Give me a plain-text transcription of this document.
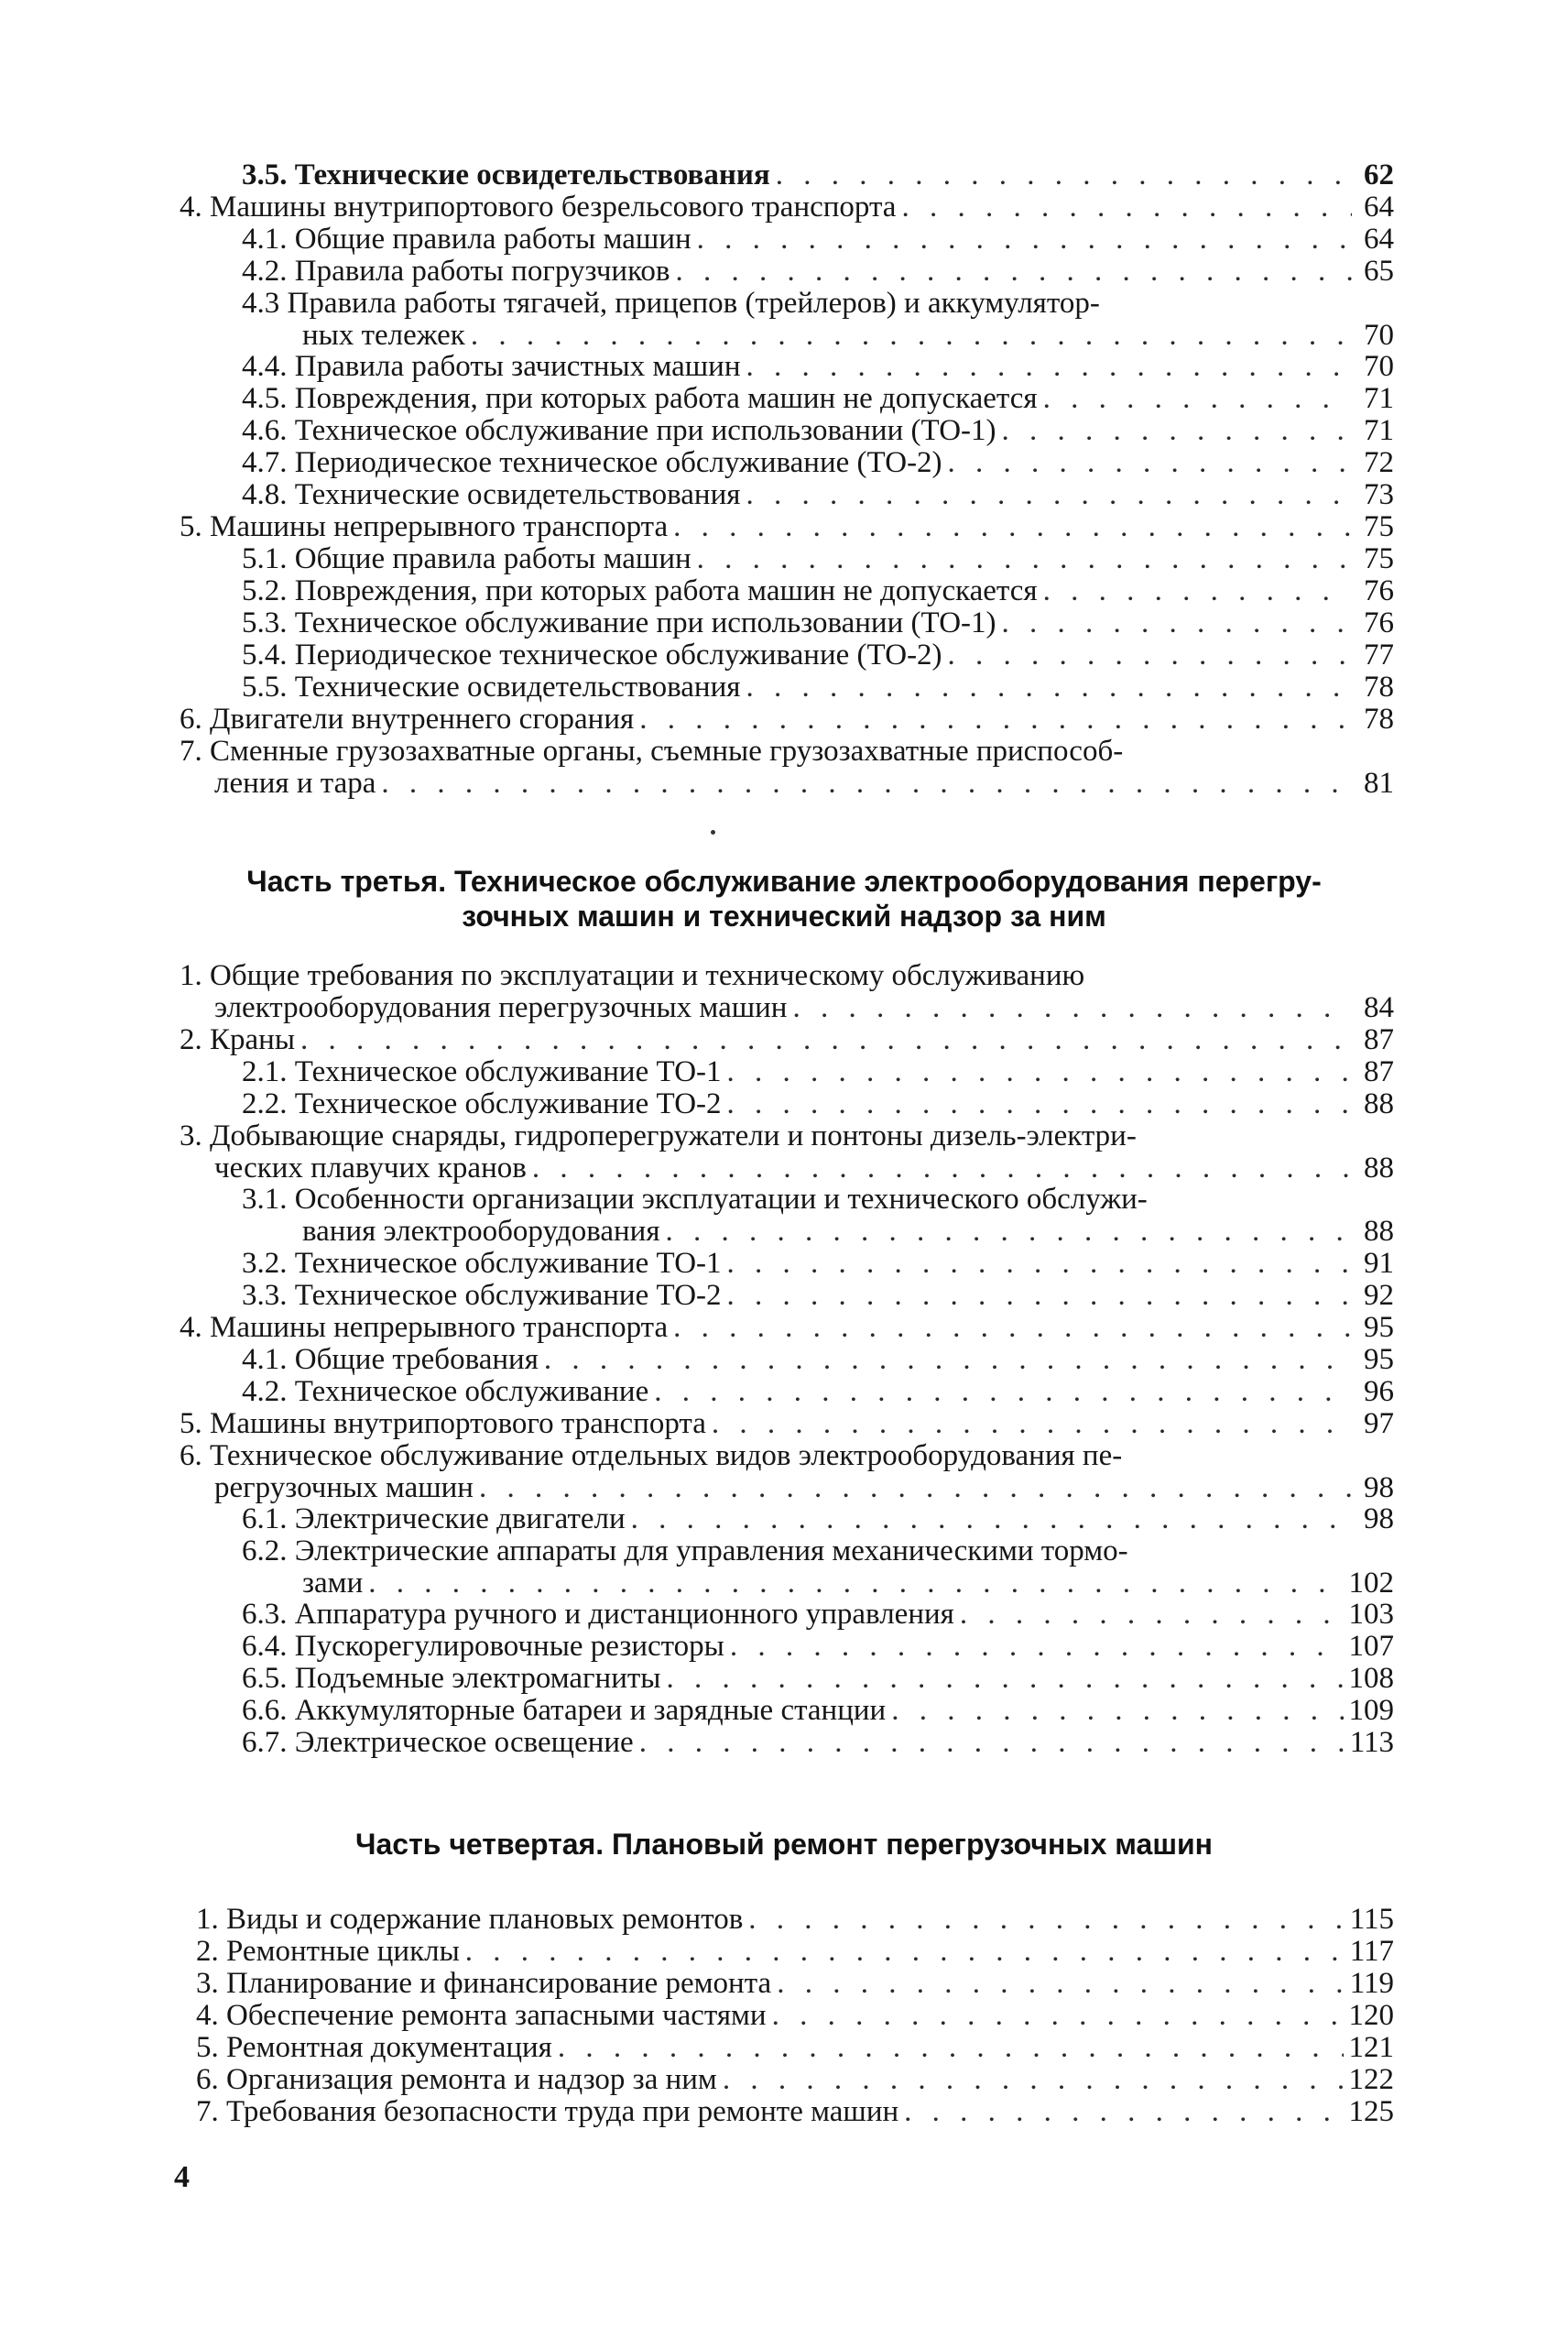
3.5. Технические освидетельствования . . .	62
4. Машины внутрипортового безрельсового транспорта . . .	64
4.1. Общие правила работы машин . . .	64
4.2. Правила работы погрузчиков . . .	65
4.3 Правила работы тягачей, прицепов (трейлеров) и аккумулятор-
ных тележек . . .	70
4.4. Правила работы зачистных машин . . .	70
4.5. Повреждения, при которых работа машин не допускается . . .	71
4.6. Техническое обслуживание при использовании (ТО-1) . . .	71
4.7. Периодическое техническое обслуживание (ТО-2) . . .	72
4.8. Технические освидетельствования . . .	73
5. Машины непрерывного транспорта . . .	75
5.1. Общие правила работы машин . . .	75
5.2. Повреждения, при которых работа машин не допускается . . .	76
5.3. Техническое обслуживание при использовании (ТО-1) . . .	76
5.4. Периодическое техническое обслуживание (ТО-2) . . .	77
5.5. Технические освидетельствования . . .	78
6. Двигатели внутреннего сгорания . . .	78
7. Сменные грузозахватные органы, съемные грузозахватные приспособ-
ления и тара . . .	81
Часть третья. Техническое обслуживание электрооборудования перегру-
зочных машин и технический надзор за ним
1. Общие требования по эксплуатации и техническому обслуживанию
электрооборудования перегрузочных машин . . .	84
2. Краны . . .	87
2.1. Техническое обслуживание ТО-1 . . .	87
2.2. Техническое обслуживание ТО-2 . . .	88
3. Добывающие снаряды, гидроперегружатели и понтоны дизель-электри-
ческих плавучих кранов . . .	88
3.1. Особенности организации эксплуатации и технического обслужи-
вания электрооборудования . . .	88
3.2. Техническое обслуживание ТО-1 . . .	91
3.3. Техническое обслуживание ТО-2 . . .	92
4. Машины непрерывного транспорта . . .	95
4.1. Общие требования . . .	95
4.2. Техническое обслуживание . . .	96
5. Машины внутрипортового транспорта . . .	97
6. Техническое обслуживание отдельных видов электрооборудования пе-
регрузочных машин . . .	98
6.1. Электрические двигатели . . .	98
6.2. Электрические аппараты для управления механическими тормо-
зами . . .	102
6.3. Аппаратура ручного и дистанционного управления . . .	103
6.4. Пускорегулировочные резисторы . . .	107
6.5. Подъемные электромагниты . . .	108
6.6. Аккумуляторные батареи и зарядные станции . . .	109
6.7. Электрическое освещение . . .	113
Часть четвертая. Плановый ремонт перегрузочных машин
1. Виды и содержание плановых ремонтов . . .	115
2. Ремонтные циклы . . .	117
3. Планирование и финансирование ремонта . . .	119
4. Обеспечение ремонта запасными частями . . .	120
5. Ремонтная документация . . .	121
6. Организация ремонта и надзор за ним . . .	122
7. Требования безопасности труда при ремонте машин . . .	125
4
